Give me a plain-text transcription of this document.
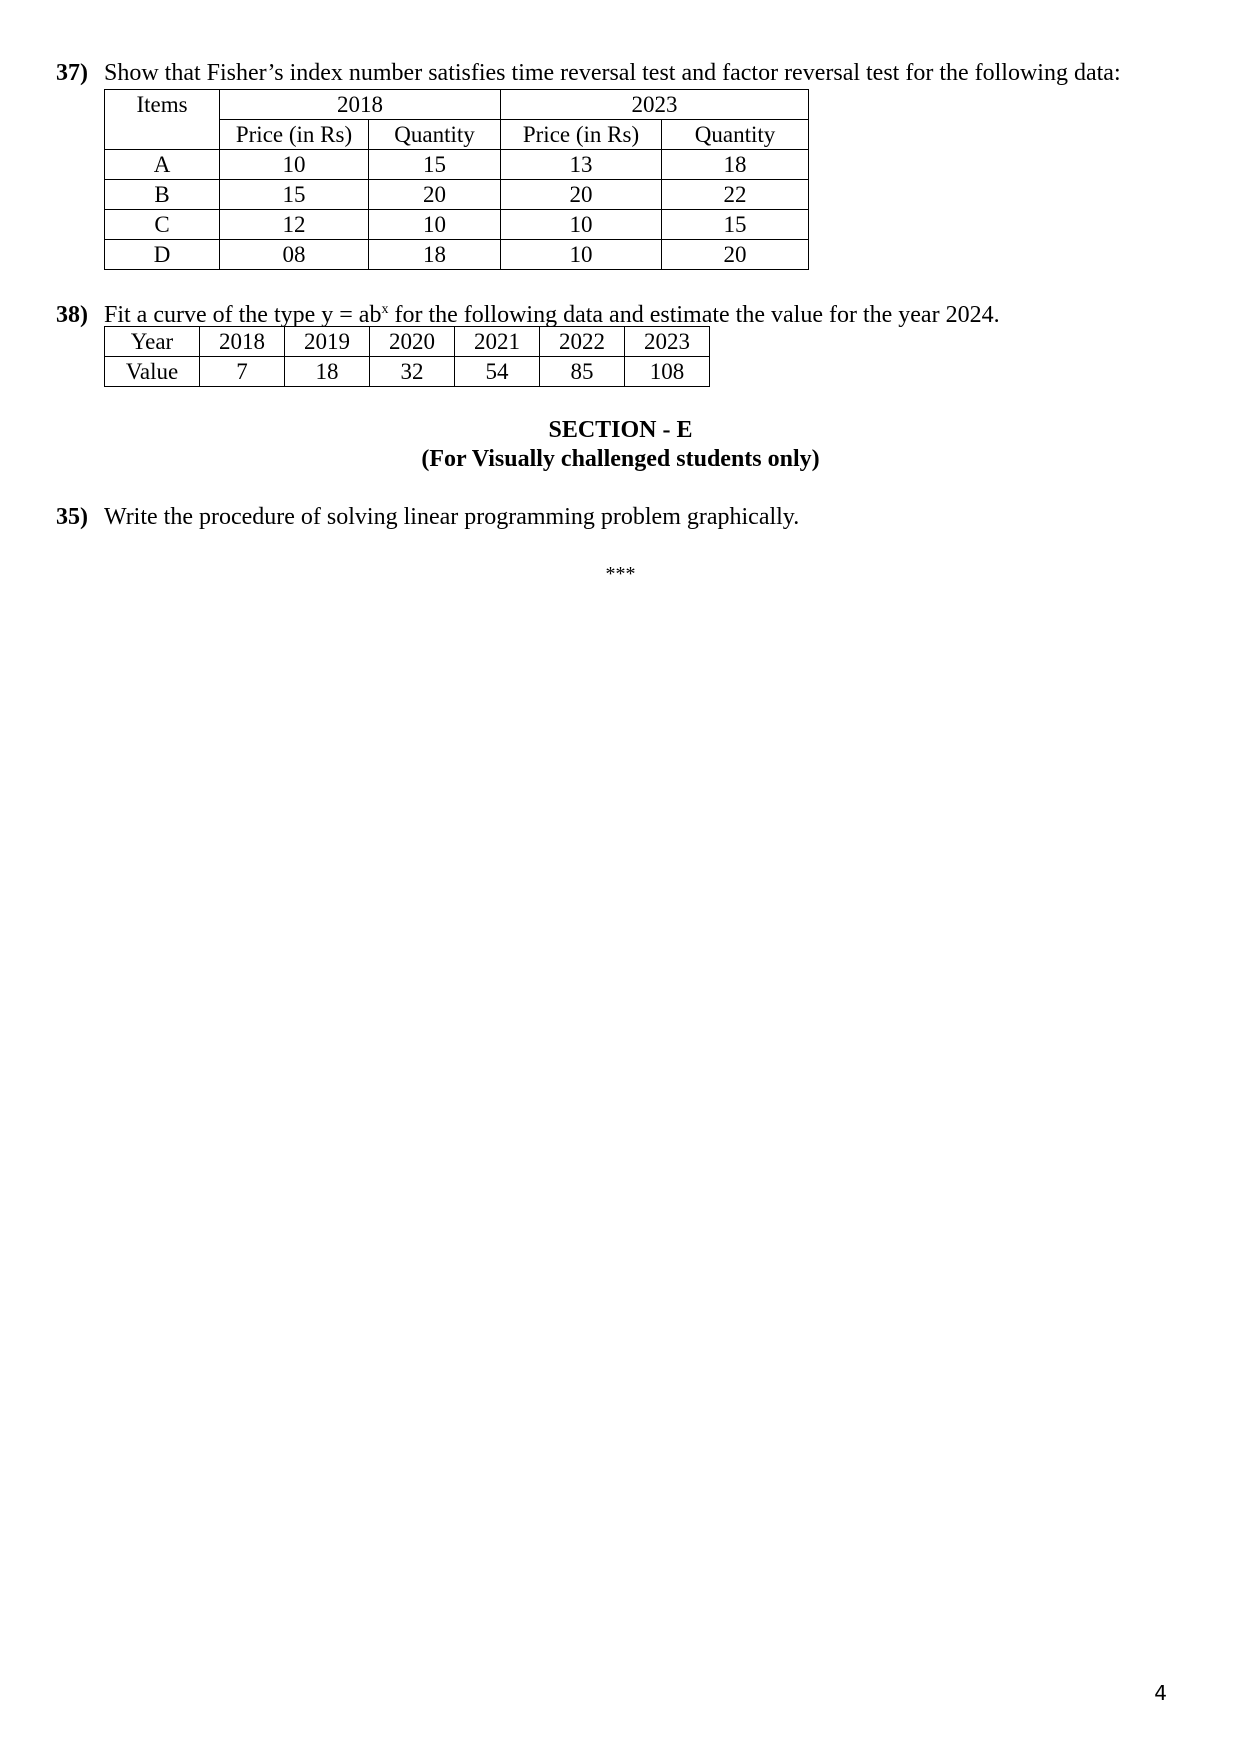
37) Show that Fisher’s index number satisfies time reversal test and factor reversal test for the following data:
Items	2018		2023	
	Price (in Rs)	Quantity	Price (in Rs)	Quantity
A	10	15	13	18
B	15	20	20	22
C	12	10	10	15
D	08	18	10	20
38) Fit a curve of the type $y = ab^x$ for the following data and estimate the value for the year 2024.
Year	2018	2019	2020	2021	2022	2023
Value	7	18	32	54	85	108
SECTION - E
(For Visually challenged students only)
35) Write the procedure of solving linear programming problem graphically.
***
4
